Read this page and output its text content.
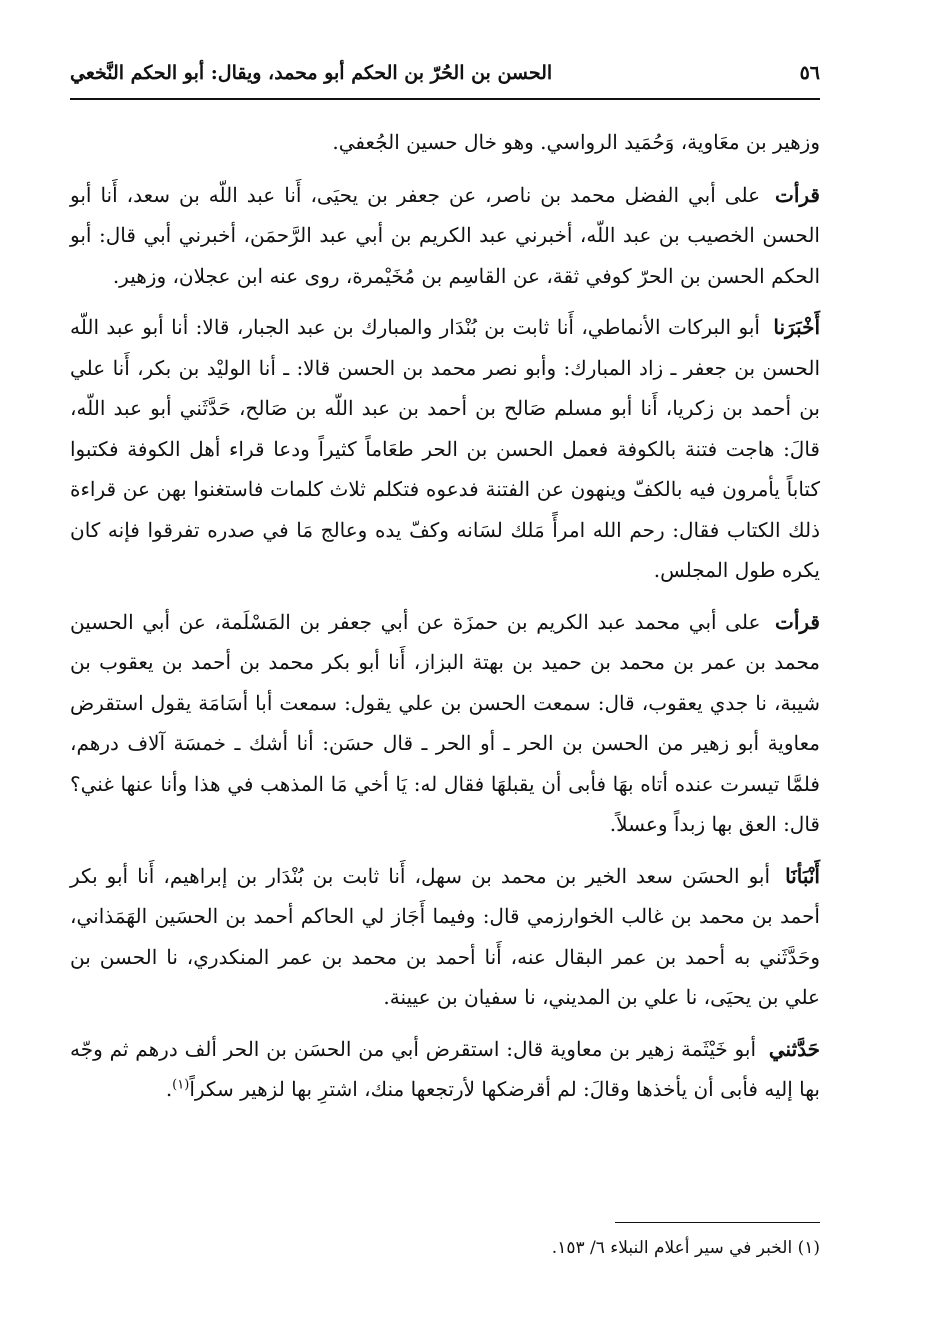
٥٦
الحسن بن الحُرّ بن الحكم أبو محمد، ويقال: أبو الحكم النَّخعي

وزهير بن معَاوية، وَحُمَيد الرواسي. وهو خال حسين الجُعفي.

قرأت على أبي الفضل محمد بن ناصر، عن جعفر بن يحيَى، أَنا عبد اللّه بن سعد، أَنا أبو الحسن الخصيب بن عبد اللّه، أخبرني عبد الكريم بن أبي عبد الرَّحمَن، أخبرني أبي قال: أبو الحكم الحسن بن الحرّ كوفي ثقة، عن القاسِم بن مُخَيْمرة، روى عنه ابن عجلان، وزهير.

أَخْبَرَنا أبو البركات الأنماطي، أَنا ثابت بن بُنْدَار والمبارك بن عبد الجبار، قالا: أنا أبو عبد اللّه الحسن بن جعفر ـ زاد المبارك: وأبو نصر محمد بن الحسن قالا: ـ أنا الوليْد بن بكر، أَنا علي بن أحمد بن زكريا، أَنا أبو مسلم صَالح بن أحمد بن عبد اللّه بن صَالح، حَدَّثَني أبو عبد اللّه، قالَ: هاجت فتنة بالكوفة فعمل الحسن بن الحر طعَاماً كثيراً ودعا قراء أهل الكوفة فكتبوا كتاباً يأمرون فيه بالكفّ وينهون عن الفتنة فدعوه فتكلم ثلاث كلمات فاستغنوا بهن عن قراءة ذلك الكتاب فقال: رحم الله امرأً مَلك لسَانه وكفّ يده وعالج مَا في صدره تفرقوا فإنه كان يكره طول المجلس.

قرأت على أبي محمد عبد الكريم بن حمزَة عن أبي جعفر بن المَسْلَمة، عن أبي الحسين محمد بن عمر بن محمد بن حميد بن بهتة البزاز، أَنا أبو بكر محمد بن أحمد بن يعقوب بن شيبة، نا جدي يعقوب، قال: سمعت الحسن بن علي يقول: سمعت أبا أسَامَة يقول استقرض معاوية أبو زهير من الحسن بن الحر ـ أو الحر ـ قال حسَن: أنا أشك ـ خمسَة آلاف درهم، فلمَّا تيسرت عنده أتاه بهَا فأبى أن يقبلهَا فقال له: يَا أخي مَا المذهب في هذا وأنا عنها غني؟ قال: العق بها زبداً وعسلاً.

أَنْبَأنَا أبو الحسَن سعد الخير بن محمد بن سهل، أَنا ثابت بن بُنْدَار بن إبراهيم، أَنا أبو بكر أحمد بن محمد بن غالب الخوارزمي قال: وفيما أَجَاز لي الحاكم أحمد بن الحسَين الهَمَذاني، وحَدَّثَني به أحمد بن عمر البقال عنه، أَنا أحمد بن محمد بن عمر المنكدري، نا الحسن بن علي بن يحيَى، نا علي بن المديني، نا سفيان بن عيينة.

حَدَّثني أبو خَيْثَمة زهير بن معاوية قال: استقرض أبي من الحسَن بن الحر ألف درهم ثم وجّه بها إليه فأبى أن يأخذها وقالَ: لم أقرضكها لأرتجعها منك، اشترِ بها لزهير سكراً$^{(١)}$.

(١) الخبر في سير أعلام النبلاء ٦/ ١٥٣.
